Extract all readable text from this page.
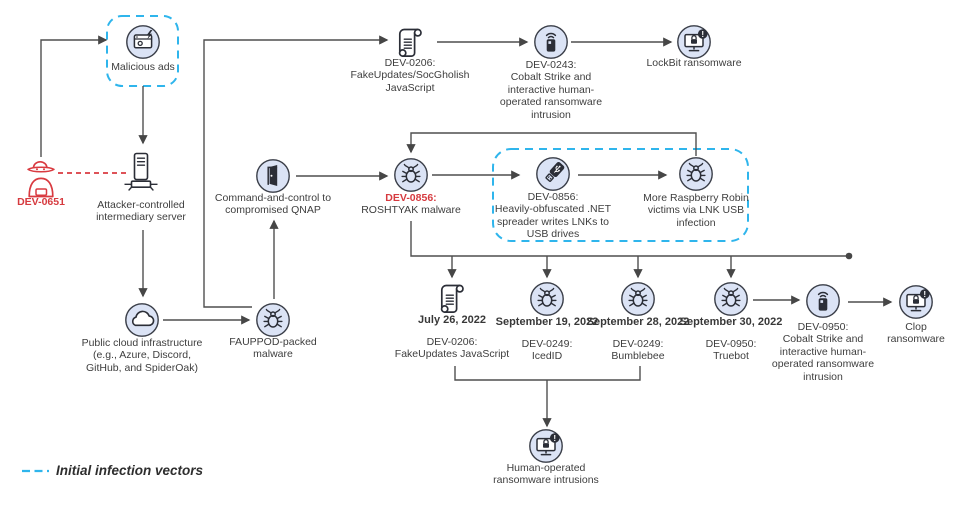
Malicious ads
DEV-0651	Attacker-controlled
intermediary server
Command-and-control to
compromised QNAP
DEV-0856:
ROSHTYAK malware
DEV-0856:
Heavily-obfuscated .NET
spreader writes LNKs to
USB drives
More Raspberry Robin
victims via LNK USB
infection
DEV-0206:
FakeUpdates/SocGholish
JavaScript
DEV-0243:
Cobalt Strike and
interactive human-
operated ransomware
intrusion
!
LockBit ransomware
Public cloud infrastructure
(e.g., Azure, Discord,
GitHub, and SpiderOak)
FAUPPOD-packed
malware
July 26, 2022
DEV-0206:
FakeUpdates JavaScript
September 19, 2022
DEV-0249:
IcedID
September 28, 2022
DEV-0249:
Bumblebee
September 30, 2022
DEV-0950:
Truebot
DEV-0950:
Cobalt Strike and
interactive human-
operated ransomware
intrusion
!
Clop
ransomware
!
Human-operated
ransomware intrusions
Initial infection vectors
